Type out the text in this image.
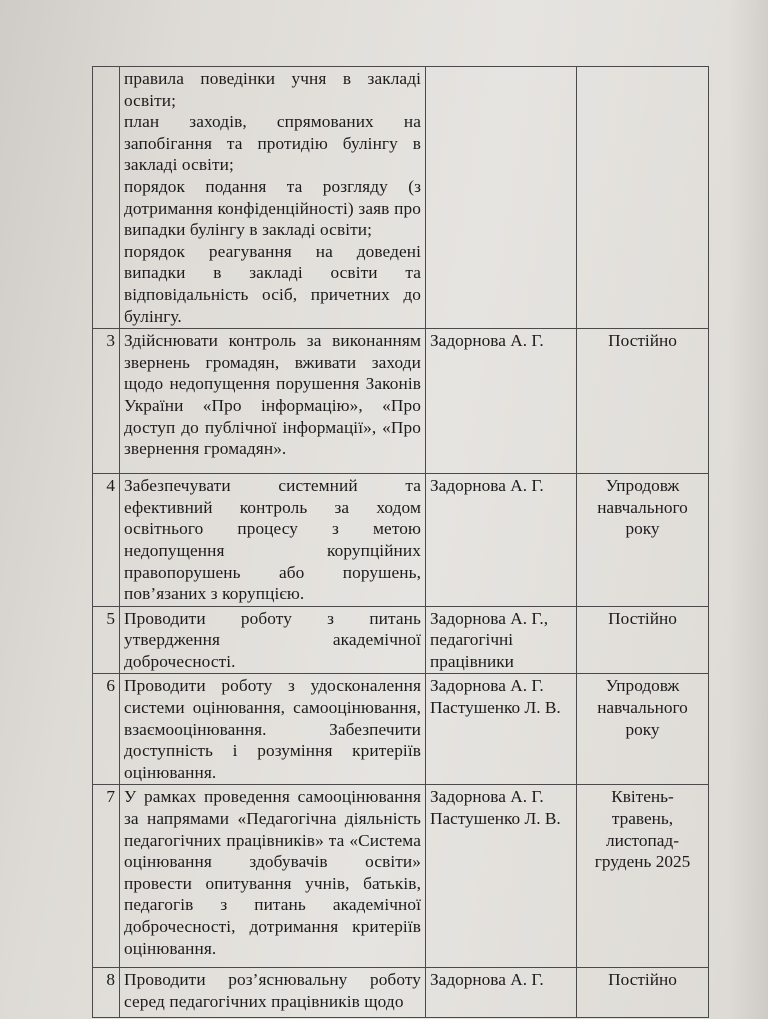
	правила поведінки учня в закладі освіти;
план заходів, спрямованих на запобігання та протидію булінгу в закладі освіти;
порядок подання та розгляду (з дотримання конфіденційності) заяв про випадки булінгу в закладі освіти;
порядок реагування на доведені випадки в закладі освіти та відповідальність осіб, причетних до булінгу.		

3	Здійснювати контроль за виконанням звернень громадян, вживати заходи щодо недопущення порушення Законів України «Про інформацію», «Про доступ до публічної інформації», «Про звернення громадян».	Задорнова А. Г.	Постійно
4	Забезпечувати системний та ефективний контроль за ходом освітнього процесу з метою недопущення корупційних правопорушень або порушень, пов’язаних з корупцією.	Задорнова А. Г.	Упродовж навчального року
5	Проводити роботу з питань утвердження академічної доброчесності.	Задорнова А. Г., педагогічні працівники	Постійно
6	Проводити роботу з удосконалення системи оцінювання, самооцінювання, взаємооцінювання. Забезпечити доступність і розуміння критеріїв оцінювання.	Задорнова А. Г. Пастушенко Л. В.	Упродовж навчального року
7	У рамках проведення самооцінювання за напрямами «Педагогічна діяльність педагогічних працівників» та «Система оцінювання здобувачів освіти» провести опитування учнів, батьків, педагогів з питань академічної доброчесності, дотримання критеріїв оцінювання.	Задорнова А. Г. Пастушенко Л. В.	Квітень-травень, листопад-грудень 2025
8	Проводити роз’яснювальну роботу серед педагогічних працівників щодо	Задорнова А. Г.	Постійно
